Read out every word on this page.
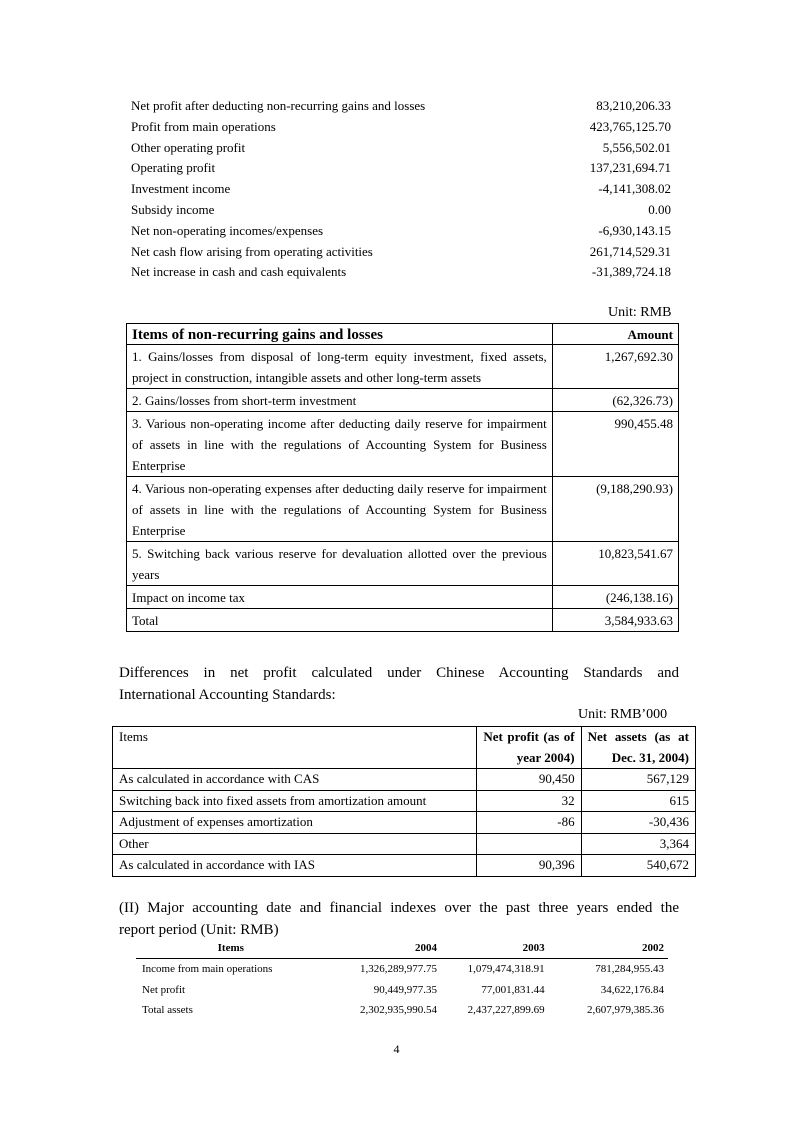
Net profit after deducting non-recurring gains and losses	83,210,206.33
Profit from main operations	423,765,125.70
Other operating profit	5,556,502.01
Operating profit	137,231,694.71
Investment income	-4,141,308.02
Subsidy income	0.00
Net non-operating incomes/expenses	-6,930,143.15
Net cash flow arising from operating activities	261,714,529.31
Net increase in cash and cash equivalents	-31,389,724.18
Unit: RMB
Items of non-recurring gains and losses	Amount
1. Gains/losses from disposal of long-term equity investment, fixed assets, project in construction, intangible assets and other long-term assets	1,267,692.30
2. Gains/losses from short-term investment	(62,326.73)
3. Various non-operating income after deducting daily reserve for impairment of assets in line with the regulations of Accounting System for Business Enterprise	990,455.48
4. Various non-operating expenses after deducting daily reserve for impairment of assets in line with the regulations of Accounting System for Business Enterprise	(9,188,290.93)
5. Switching back various reserve for devaluation allotted over the previous years	10,823,541.67
Impact on income tax	(246,138.16)
Total	3,584,933.63
Differences in net profit calculated under Chinese Accounting Standards and
International Accounting Standards:
Unit: RMB’000
Items	Net profit (as of year 2004)	Net assets (as at Dec. 31, 2004)
As calculated in accordance with CAS	90,450	567,129
Switching back into fixed assets from amortization amount	32	615
Adjustment of expenses amortization	-86	-30,436
Other		3,364
As calculated in accordance with IAS	90,396	540,672
(II) Major accounting date and financial indexes over the past three years ended the
report period (Unit: RMB)
Items	2004	2003	2002
Income from main operations	1,326,289,977.75	1,079,474,318.91	781,284,955.43
Net profit	90,449,977.35	77,001,831.44	34,622,176.84
Total assets	2,302,935,990.54	2,437,227,899.69	2,607,979,385.36
4
